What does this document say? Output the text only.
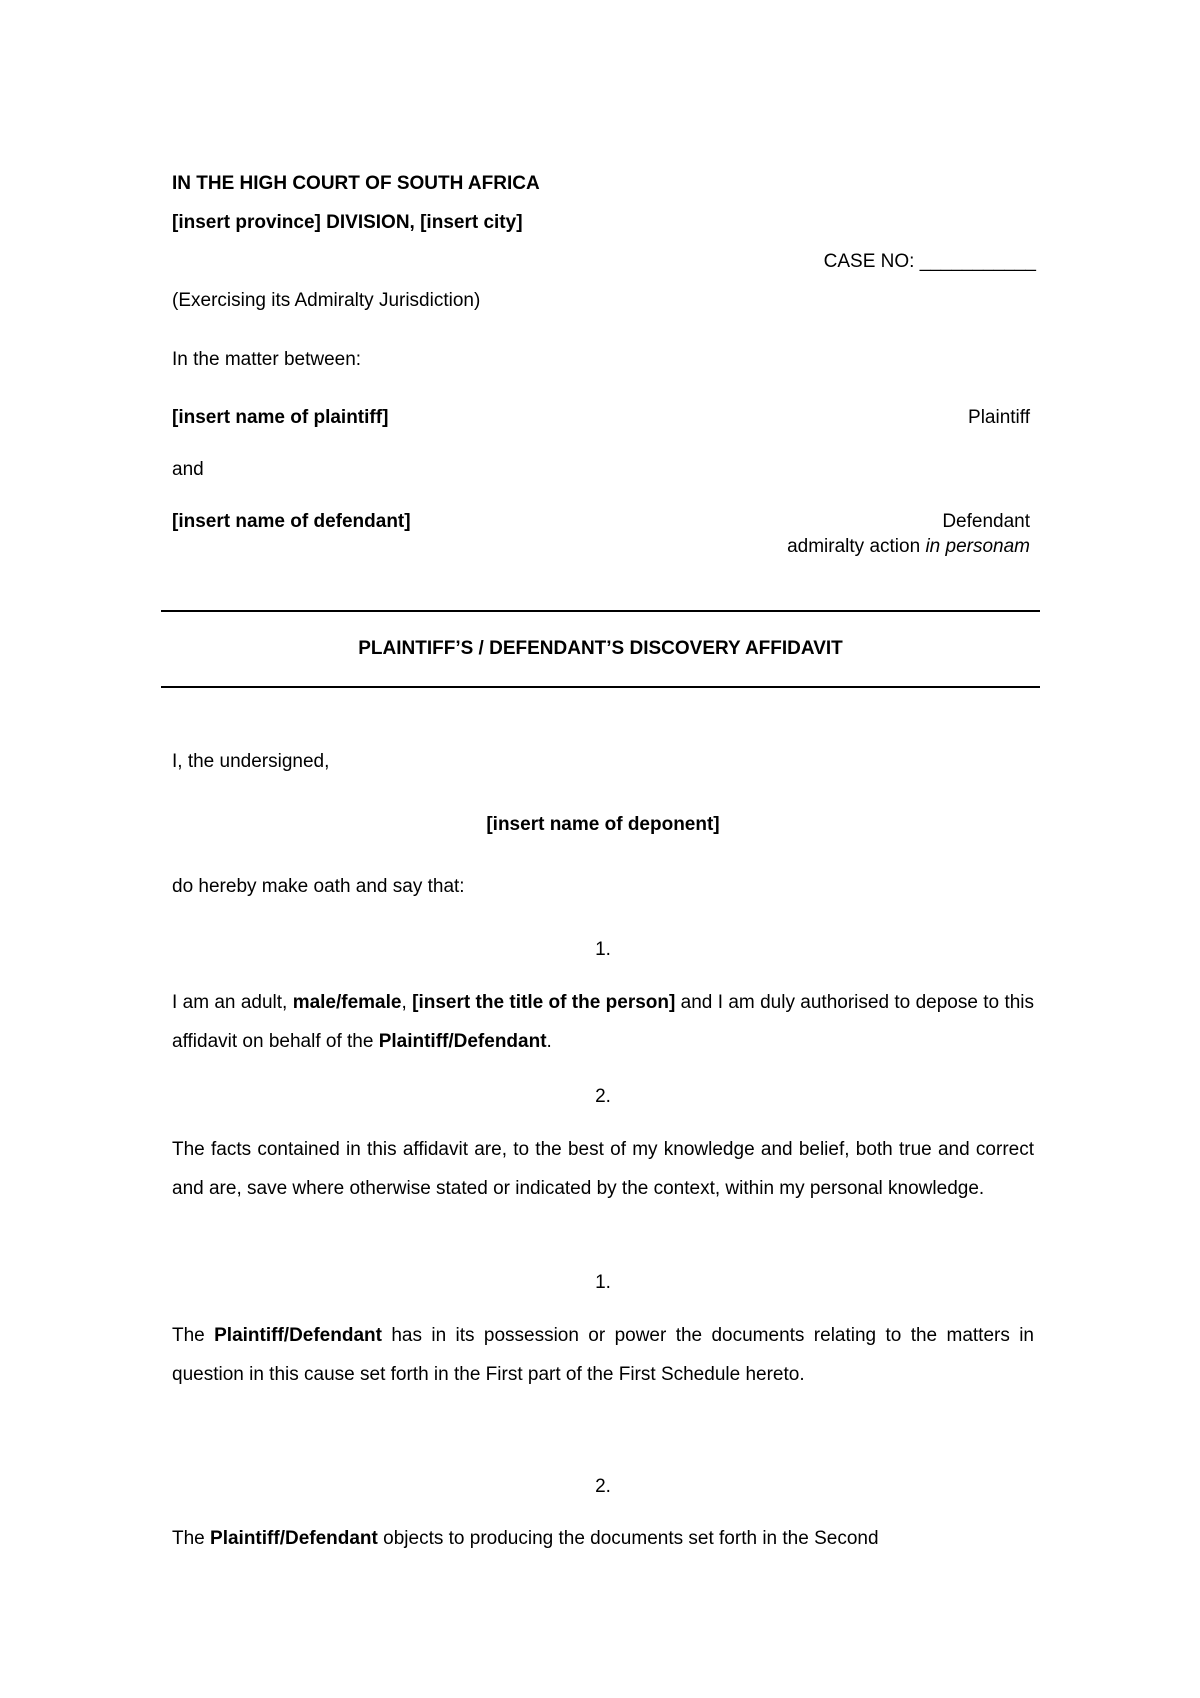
IN THE HIGH COURT OF SOUTH AFRICA
[insert province] DIVISION, [insert city]
CASE NO: ___________
(Exercising its Admiralty Jurisdiction)
In the matter between:
[insert name of plaintiff]	Plaintiff
and
[insert name of defendant]	Defendant
admiralty action in personam
PLAINTIFF’S / DEFENDANT’S DISCOVERY AFFIDAVIT
I, the undersigned,
[insert name of deponent]
do hereby make oath and say that:
1.
I am an adult, male/female, [insert the title of the person] and I am duly authorised to depose to this affidavit on behalf of the Plaintiff/Defendant.
2.
The facts contained in this affidavit are, to the best of my knowledge and belief, both true and correct and are, save where otherwise stated or indicated by the context, within my personal knowledge.
1.
The Plaintiff/Defendant has in its possession or power the documents relating to the matters in question in this cause set forth in the First part of the First Schedule hereto.
2.
The Plaintiff/Defendant objects to producing the documents set forth in the Second
